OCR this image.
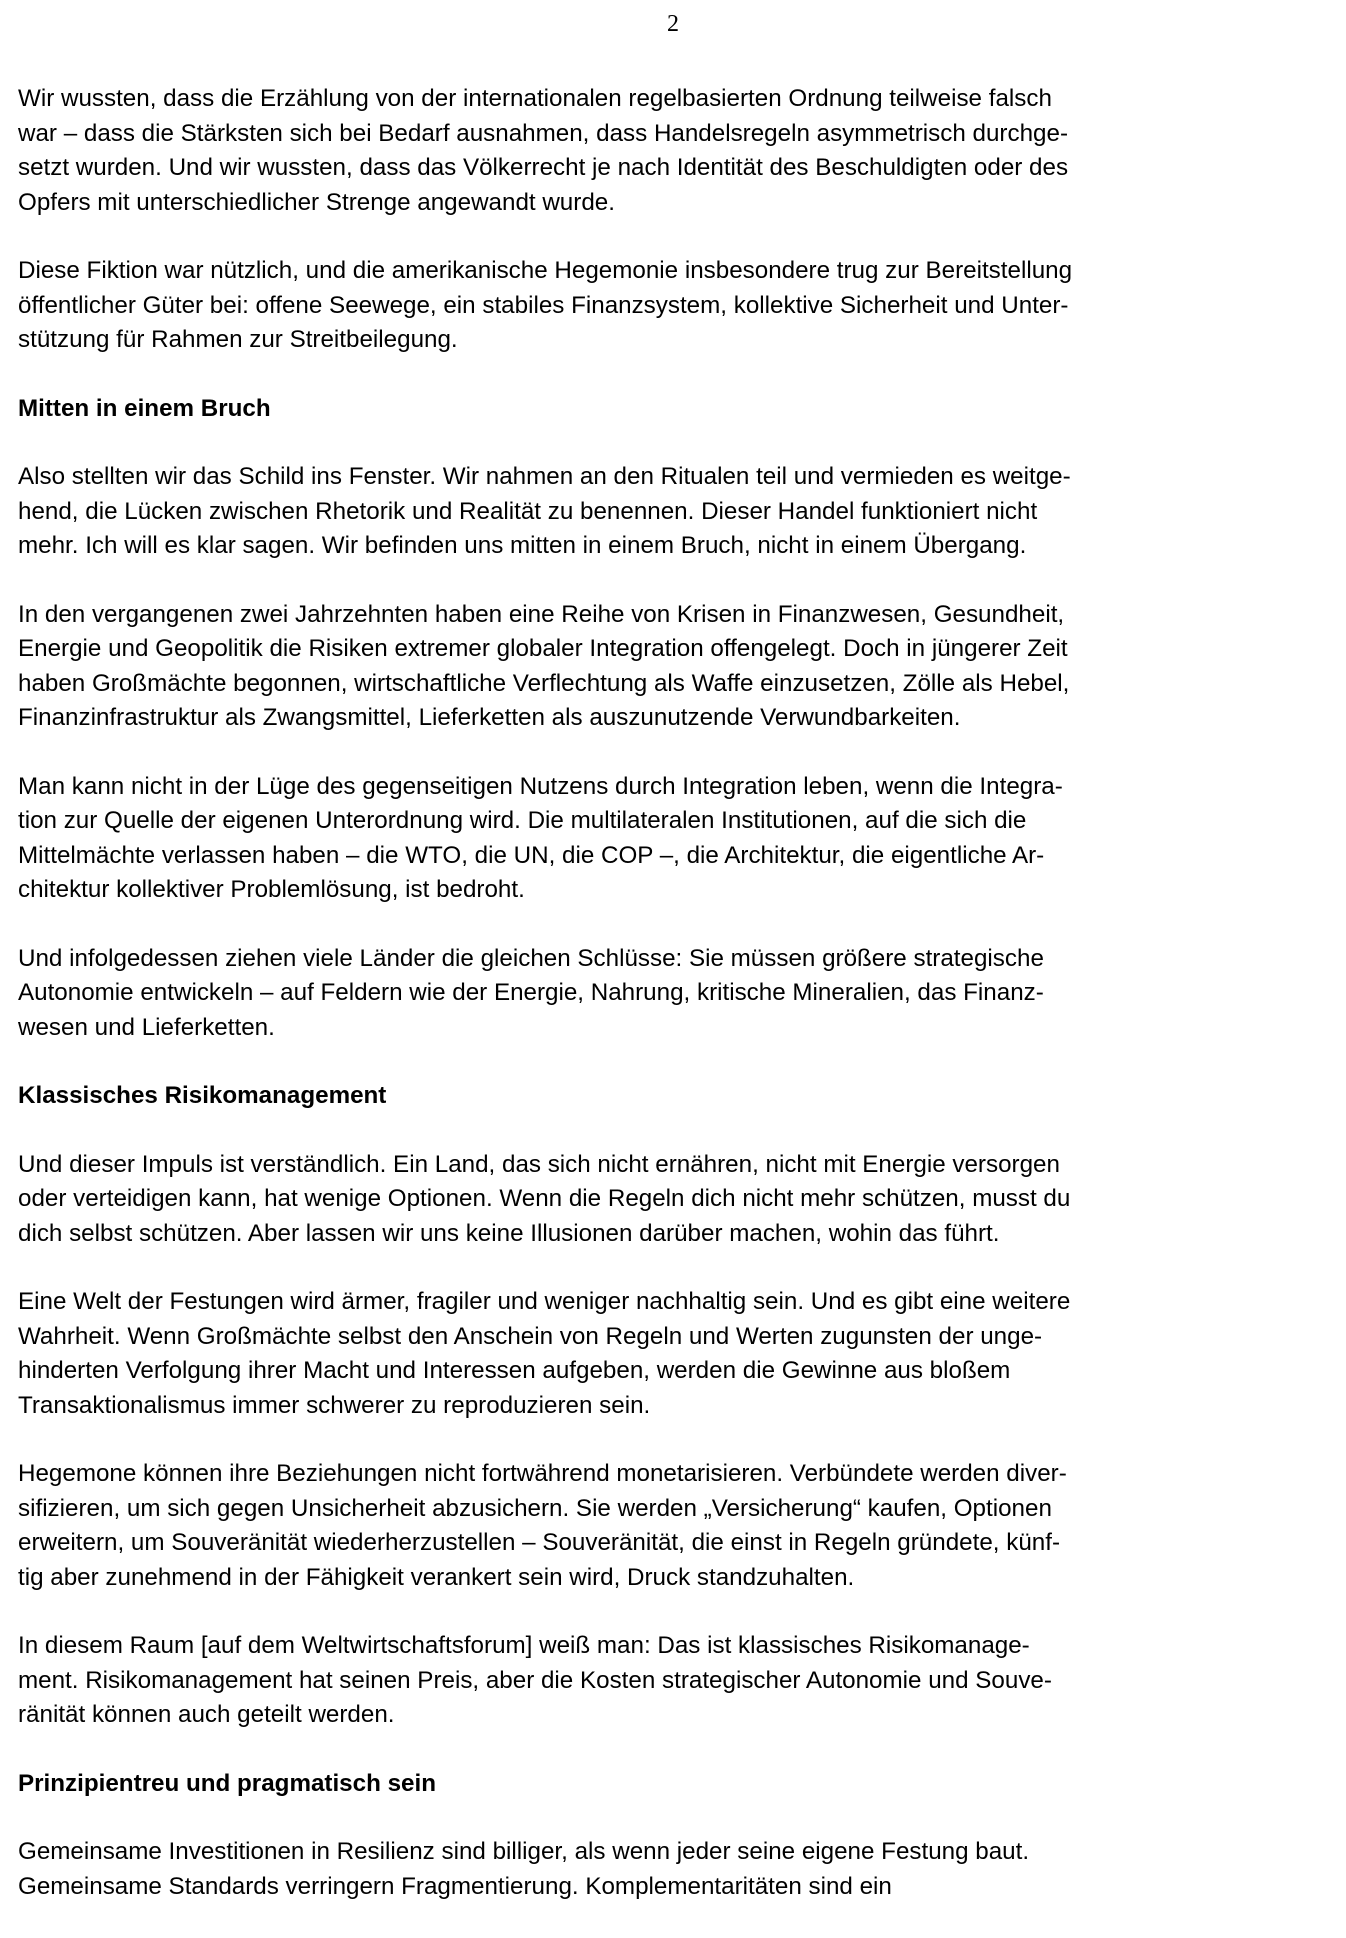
2
Wir wussten, dass die Erzählung von der internationalen regelbasierten Ordnung teilweise falsch
war – dass die Stärksten sich bei Bedarf ausnahmen, dass Handelsregeln asymmetrisch durchge-
setzt wurden. Und wir wussten, dass das Völkerrecht je nach Identität des Beschuldigten oder des
Opfers mit unterschiedlicher Strenge angewandt wurde.
Diese Fiktion war nützlich, und die amerikanische Hegemonie insbesondere trug zur Bereitstellung
öffentlicher Güter bei: offene Seewege, ein stabiles Finanzsystem, kollektive Sicherheit und Unter-
stützung für Rahmen zur Streitbeilegung.
Mitten in einem Bruch
Also stellten wir das Schild ins Fenster. Wir nahmen an den Ritualen teil und vermieden es weitge-
hend, die Lücken zwischen Rhetorik und Realität zu benennen. Dieser Handel funktioniert nicht
mehr. Ich will es klar sagen. Wir befinden uns mitten in einem Bruch, nicht in einem Übergang.
In den vergangenen zwei Jahrzehnten haben eine Reihe von Krisen in Finanzwesen, Gesundheit,
Energie und Geopolitik die Risiken extremer globaler Integration offengelegt. Doch in jüngerer Zeit
haben Großmächte begonnen, wirtschaftliche Verflechtung als Waffe einzusetzen, Zölle als Hebel,
Finanzinfrastruktur als Zwangsmittel, Lieferketten als auszunutzende Verwundbarkeiten.
Man kann nicht in der Lüge des gegenseitigen Nutzens durch Integration leben, wenn die Integra-
tion zur Quelle der eigenen Unterordnung wird. Die multilateralen Institutionen, auf die sich die
Mittelmächte verlassen haben – die WTO, die UN, die COP –, die Architektur, die eigentliche Ar-
chitektur kollektiver Problemlösung, ist bedroht.
Und infolgedessen ziehen viele Länder die gleichen Schlüsse: Sie müssen größere strategische
Autonomie entwickeln – auf Feldern wie der Energie, Nahrung, kritische Mineralien, das Finanz-
wesen und Lieferketten.
Klassisches Risikomanagement
Und dieser Impuls ist verständlich. Ein Land, das sich nicht ernähren, nicht mit Energie versorgen
oder verteidigen kann, hat wenige Optionen. Wenn die Regeln dich nicht mehr schützen, musst du
dich selbst schützen. Aber lassen wir uns keine Illusionen darüber machen, wohin das führt.
Eine Welt der Festungen wird ärmer, fragiler und weniger nachhaltig sein. Und es gibt eine weitere
Wahrheit. Wenn Großmächte selbst den Anschein von Regeln und Werten zugunsten der unge-
hinderten Verfolgung ihrer Macht und Interessen aufgeben, werden die Gewinne aus bloßem
Transaktionalismus immer schwerer zu reproduzieren sein.
Hegemone können ihre Beziehungen nicht fortwährend monetarisieren. Verbündete werden diver-
sifizieren, um sich gegen Unsicherheit abzusichern. Sie werden „Versicherung“ kaufen, Optionen
erweitern, um Souveränität wiederherzustellen – Souveränität, die einst in Regeln gründete, künf-
tig aber zunehmend in der Fähigkeit verankert sein wird, Druck standzuhalten.
In diesem Raum [auf dem Weltwirtschaftsforum] weiß man: Das ist klassisches Risikomanage-
ment. Risikomanagement hat seinen Preis, aber die Kosten strategischer Autonomie und Souve-
ränität können auch geteilt werden.
Prinzipientreu und pragmatisch sein
Gemeinsame Investitionen in Resilienz sind billiger, als wenn jeder seine eigene Festung baut.
Gemeinsame Standards verringern Fragmentierung. Komplementaritäten sind ein
